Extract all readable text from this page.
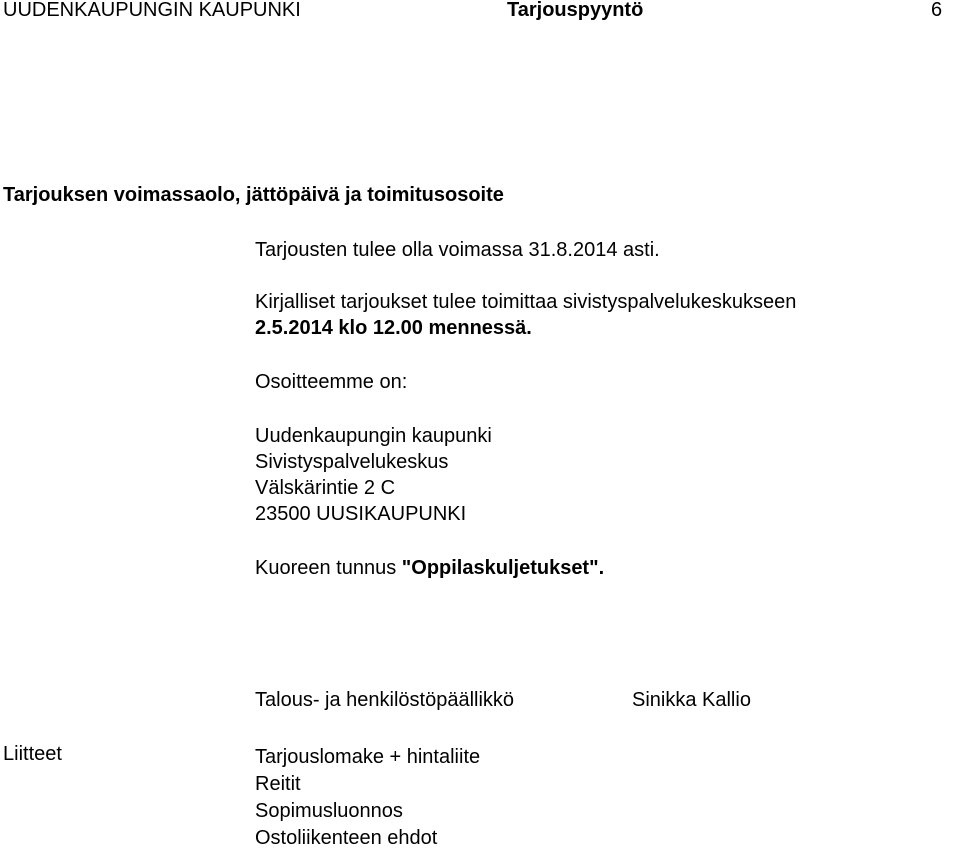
UUDENKAUPUNGIN KAUPUNKI	Tarjouspyyntö	6
Tarjouksen voimassaolo, jättöpäivä ja toimitusosoite
Tarjousten tulee olla voimassa 31.8.2014 asti.
Kirjalliset tarjoukset tulee toimittaa sivistyspalvelukeskukseen
2.5.2014 klo 12.00 mennessä.
Osoitteemme on:
Uudenkaupungin kaupunki
Sivistyspalvelukeskus
Välskärintie 2 C
23500 UUSIKAUPUNKI
Kuoreen tunnus "Oppilaskuljetukset".
Talous- ja henkilöstöpäällikkö	Sinikka Kallio
Liitteet	Tarjouslomake + hintaliite
Reitit
Sopimusluonnos
Ostoliikenteen ehdot
